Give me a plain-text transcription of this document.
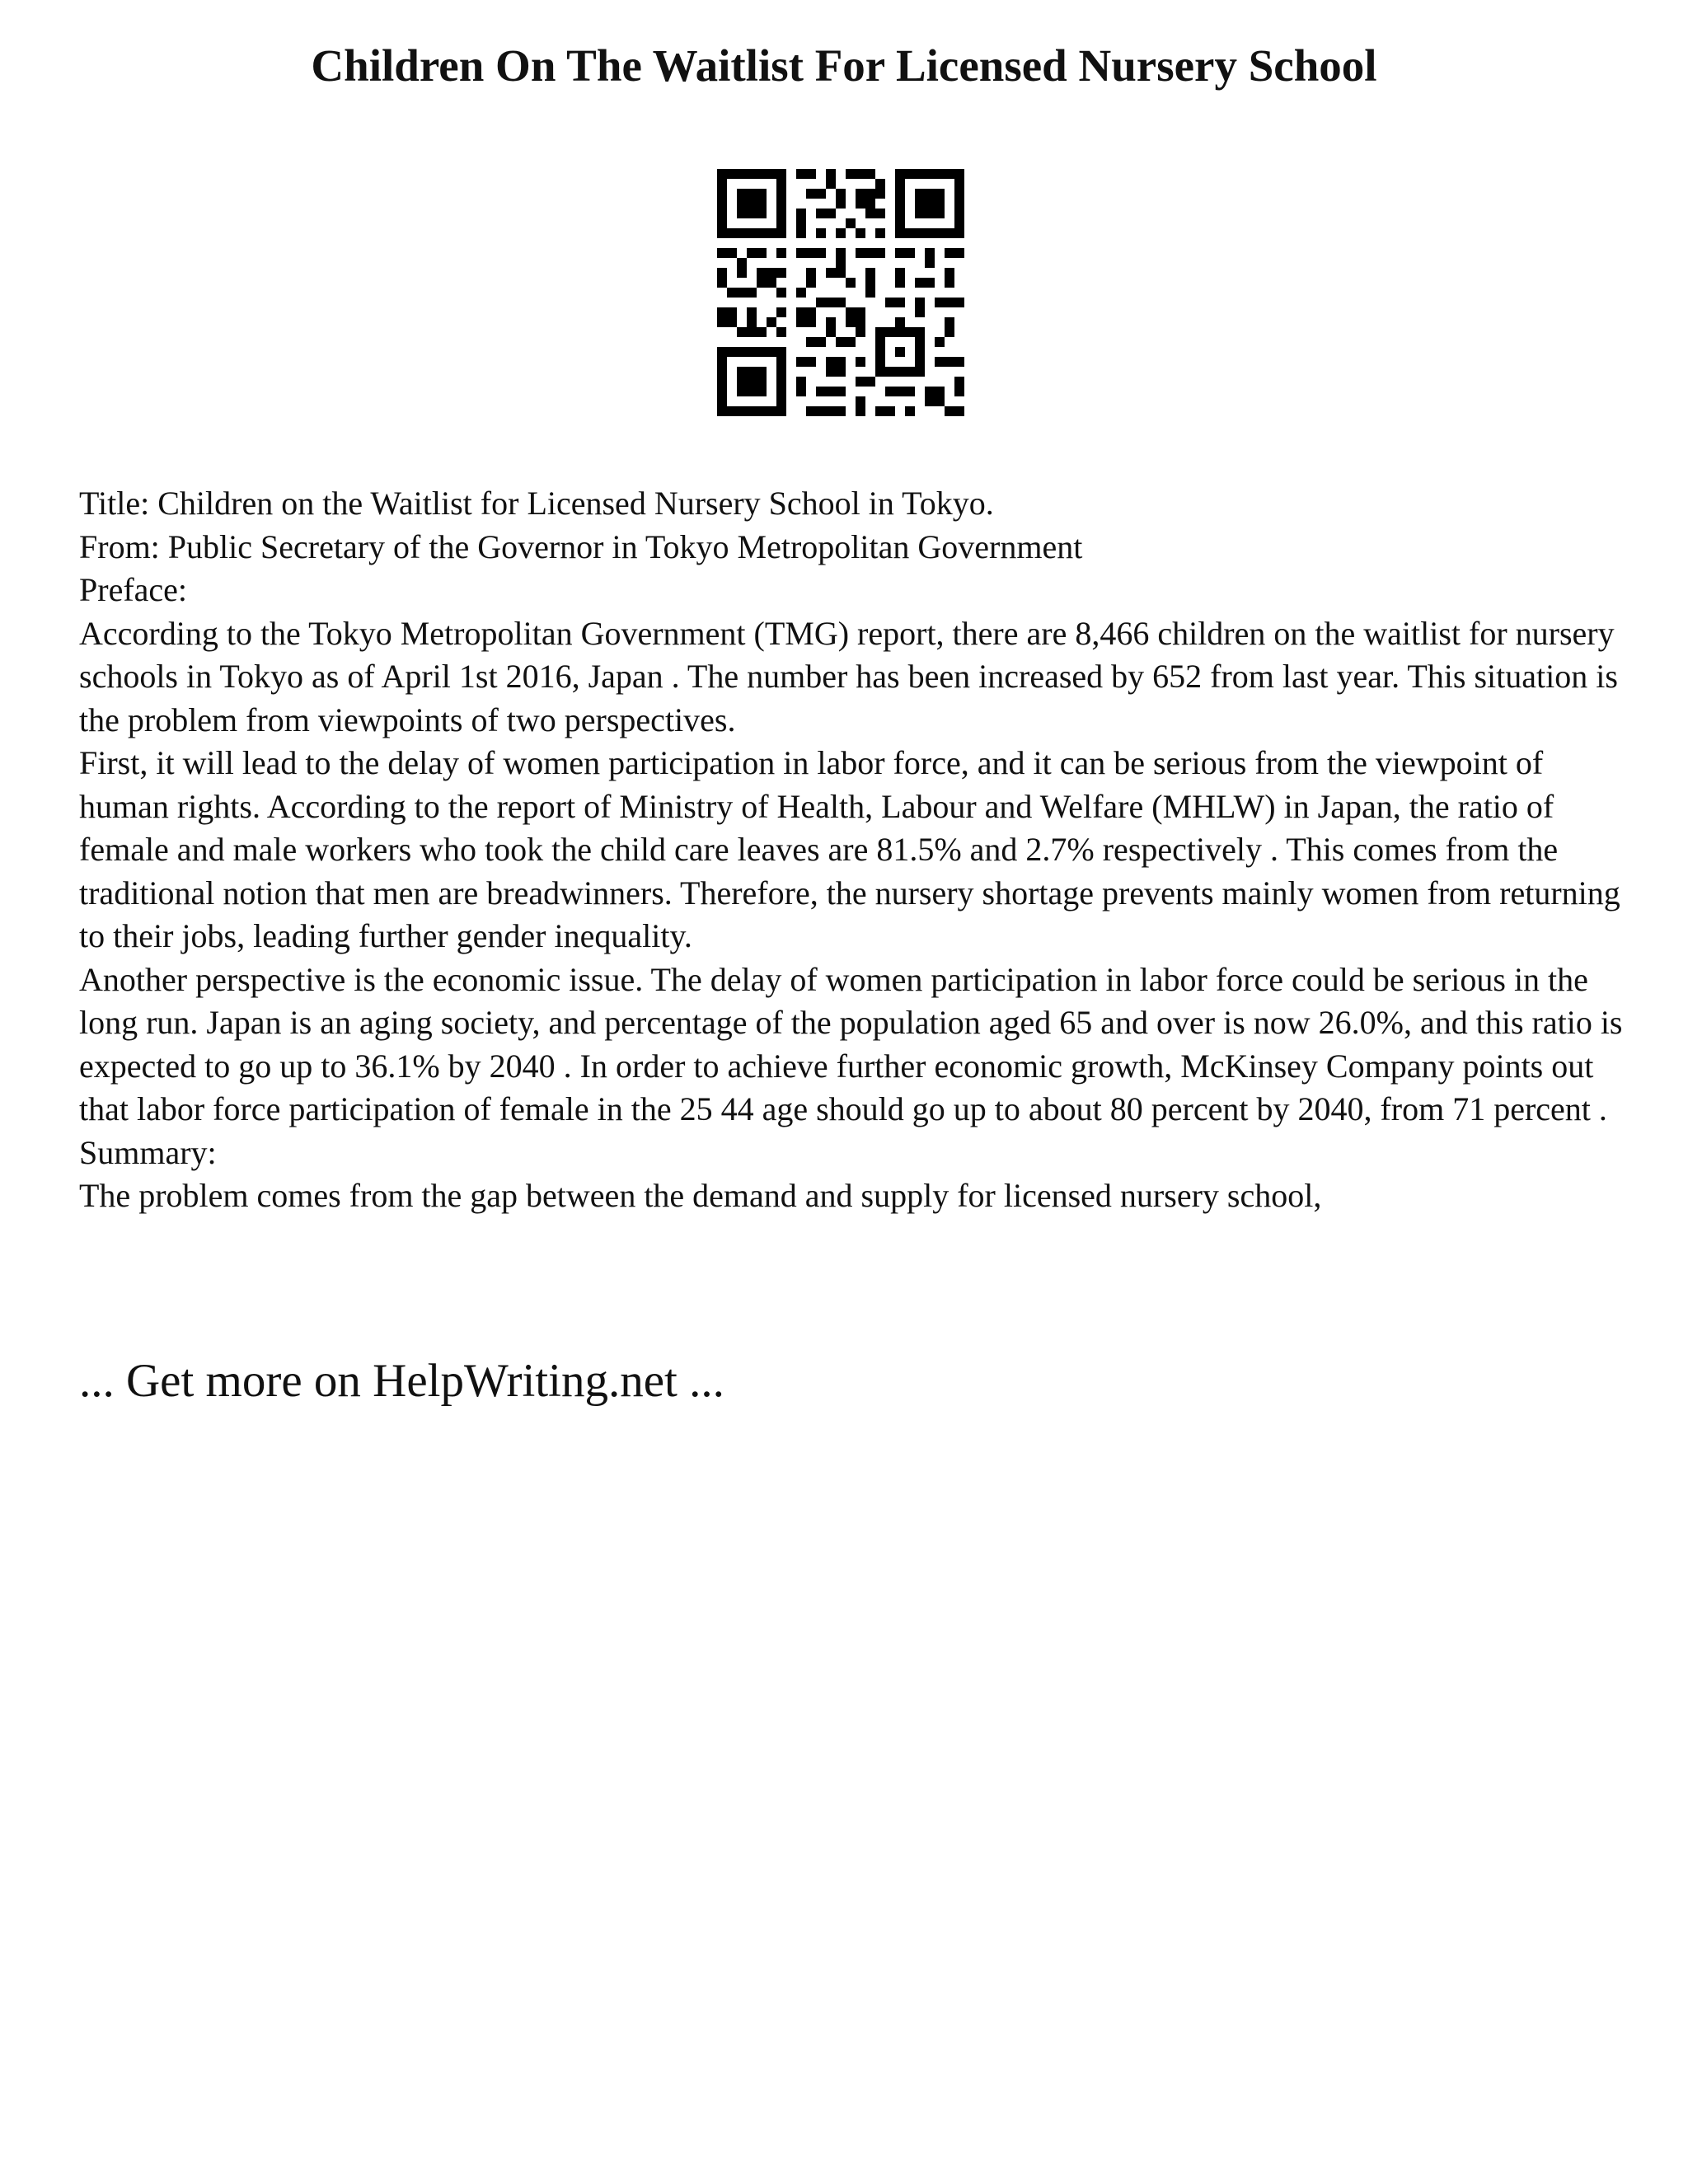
Children On The Waitlist For Licensed Nursery School

Title: Children on the Waitlist for Licensed Nursery School in Tokyo.

From: Public Secretary of the Governor in Tokyo Metropolitan Government

Preface:

According to the Tokyo Metropolitan Government (TMG) report, there are 8,466 children on the waitlist for nursery schools in Tokyo as of April 1st 2016, Japan . The number has been increased by 652 from last year. This situation is the problem from viewpoints of two perspectives.

First, it will lead to the delay of women participation in labor force, and it can be serious from the viewpoint of human rights. According to the report of Ministry of Health, Labour and Welfare (MHLW) in Japan, the ratio of female and male workers who took the child care leaves are 81.5% and 2.7% respectively . This comes from the traditional notion that men are breadwinners. Therefore, the nursery shortage prevents mainly women from returning to their jobs, leading further gender inequality.

Another perspective is the economic issue. The delay of women participation in labor force could be serious in the long run. Japan is an aging society, and percentage of the population aged 65 and over is now 26.0%, and this ratio is expected to go up to 36.1% by 2040 . In order to achieve further economic growth, McKinsey Company points out that labor force participation of female in the 25 44 age should go up to about 80 percent by 2040, from 71 percent .

Summary:

The problem comes from the gap between the demand and supply for licensed nursery school,

... Get more on HelpWriting.net ...
